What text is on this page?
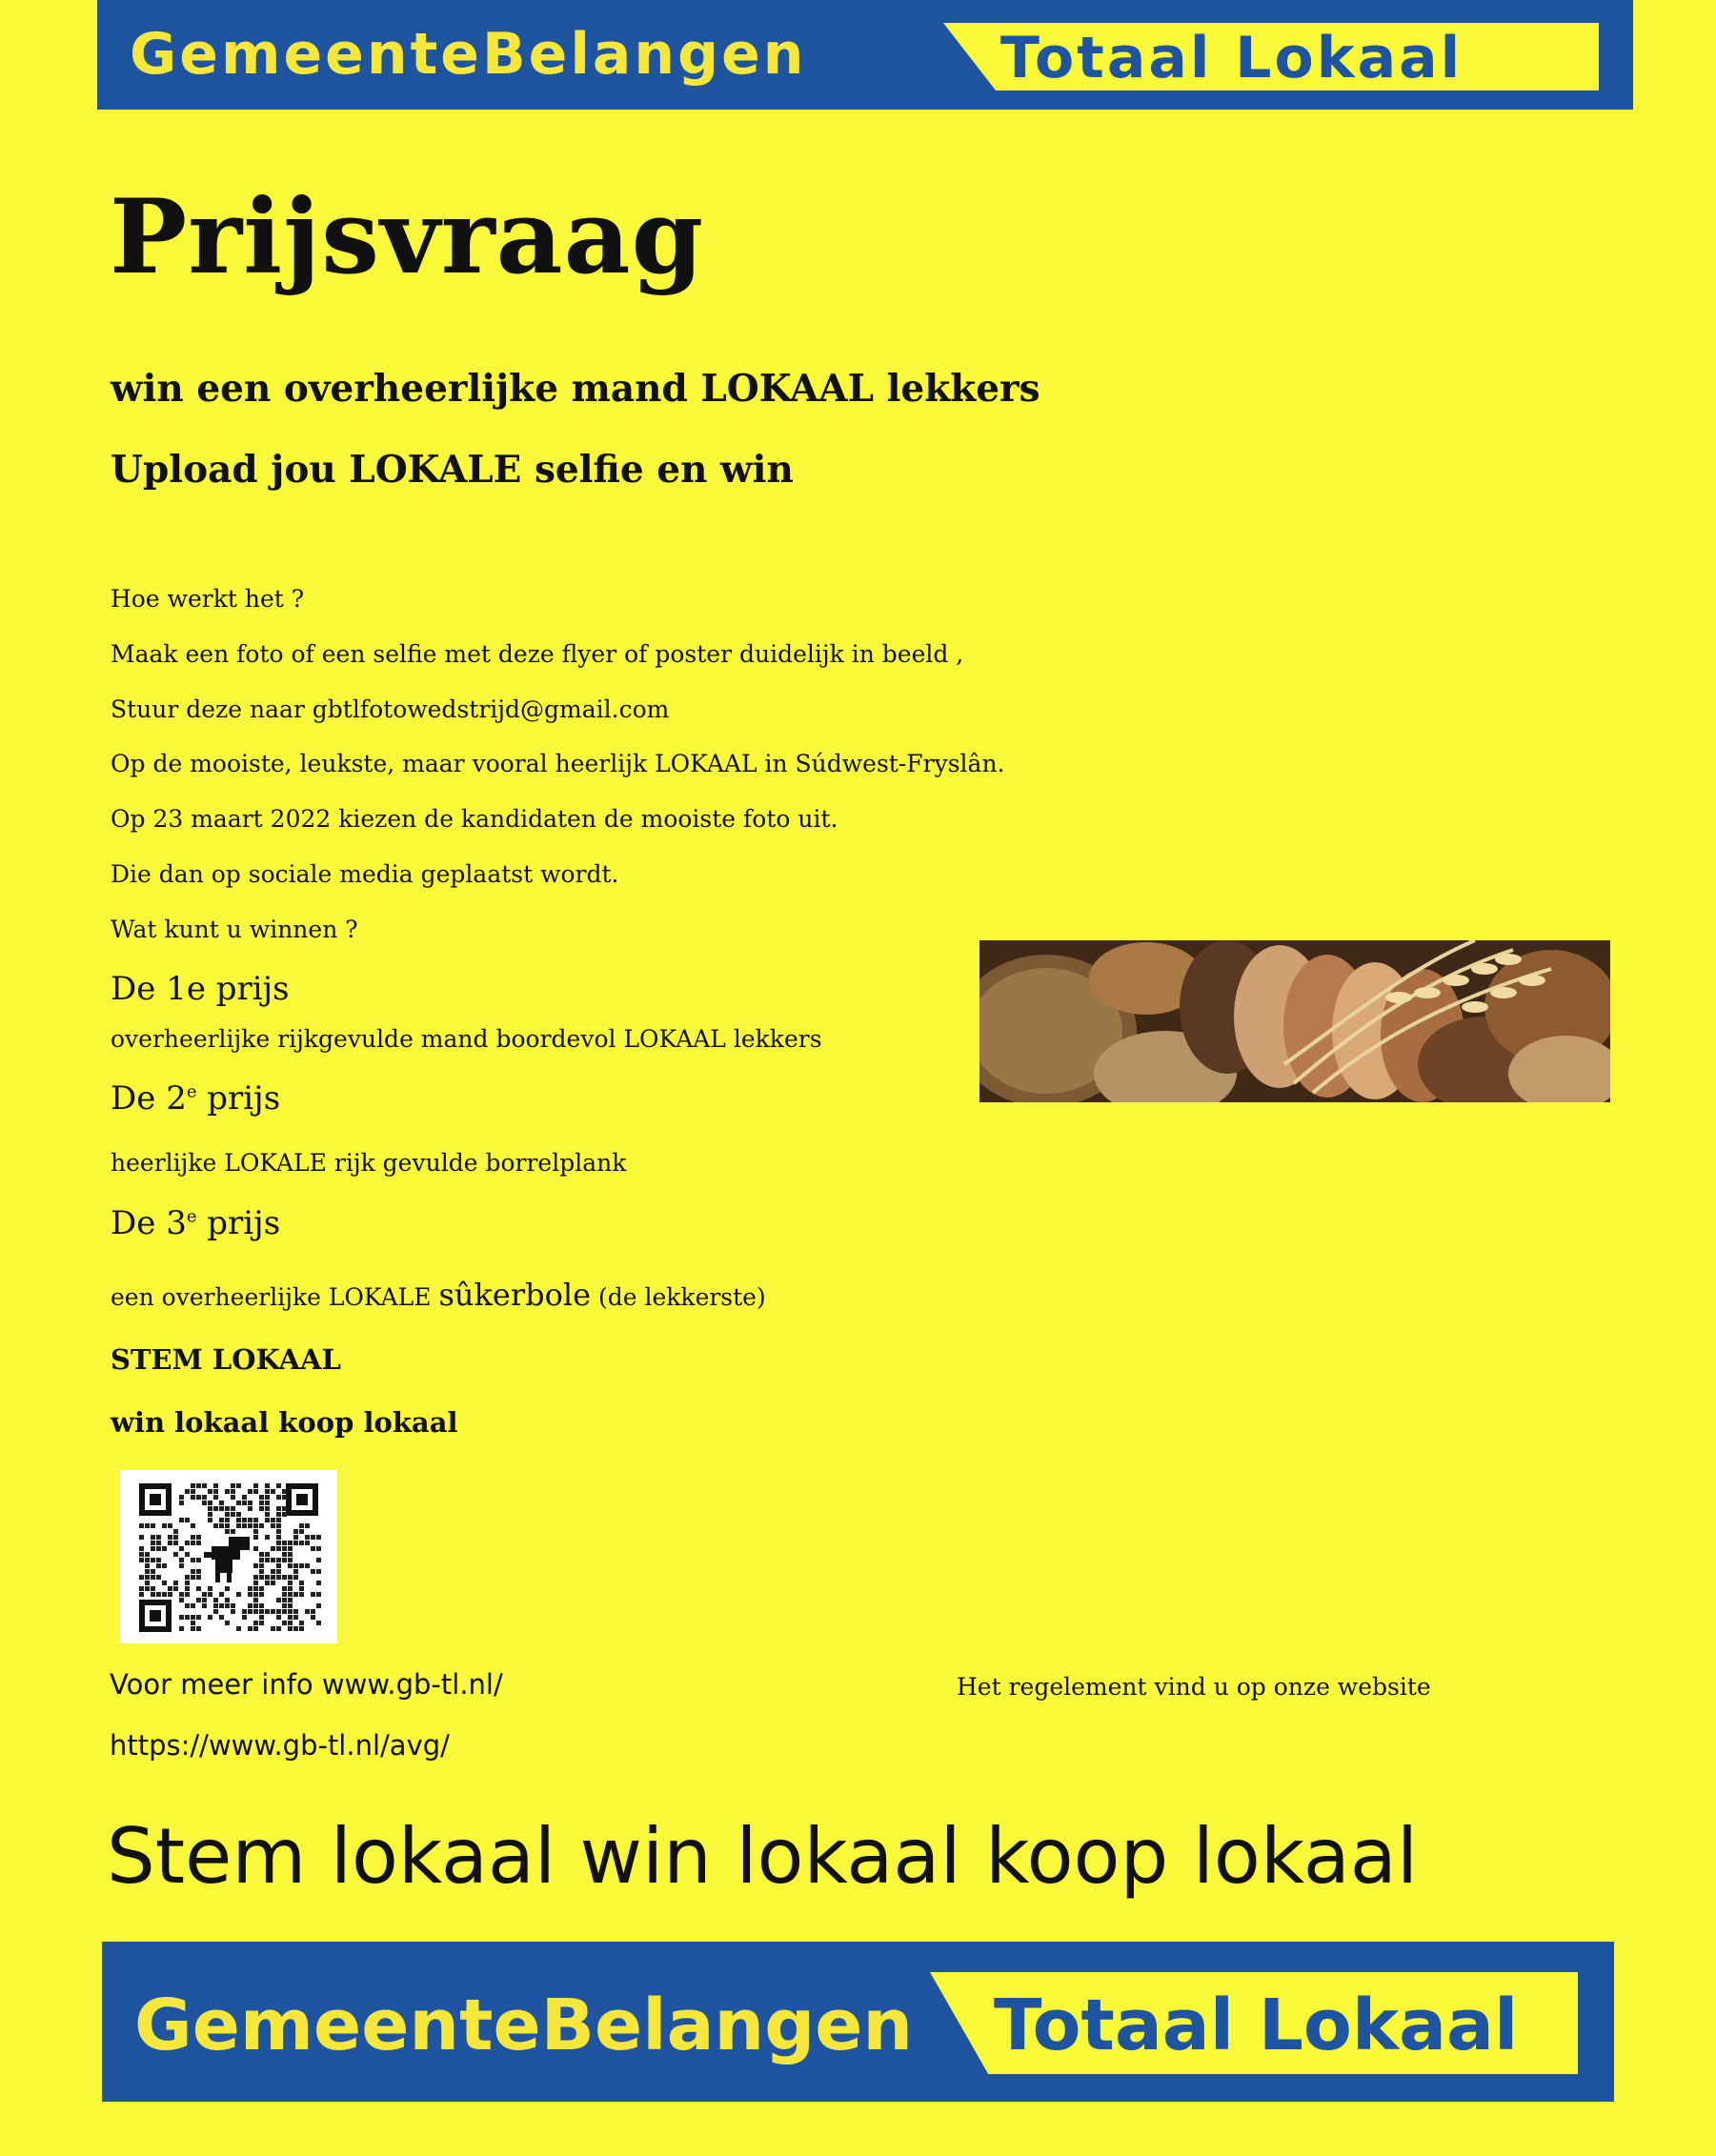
GemeenteBelangen	Totaal Lokaal
Prijsvraag
win een overheerlijke mand LOKAAL lekkers
Upload jou LOKALE selfie en win
Hoe werkt het ?
Maak een foto of een selfie met deze flyer of poster duidelijk in beeld ,
Stuur deze naar gbtlfotowedstrijd@gmail.com
Op de mooiste, leukste, maar vooral heerlijk LOKAAL in Súdwest-Fryslân.
Op 23 maart 2022 kiezen de kandidaten de mooiste foto uit.
Die dan op sociale media geplaatst wordt.
Wat kunt u winnen ?
De 1e prijs
overheerlijke rijkgevulde mand boordevol LOKAAL lekkers
De 2e prijs
heerlijke LOKALE rijk gevulde borrelplank
De 3e prijs
een overheerlijke LOKALE sûkerbole (de lekkerste)
STEM LOKAAL
win lokaal koop lokaal
Voor meer info www.gb-tl.nl/
https://www.gb-tl.nl/avg/
Het regelement vind u op onze website
Stem lokaal win lokaal koop lokaal
GemeenteBelangen Totaal Lokaal
